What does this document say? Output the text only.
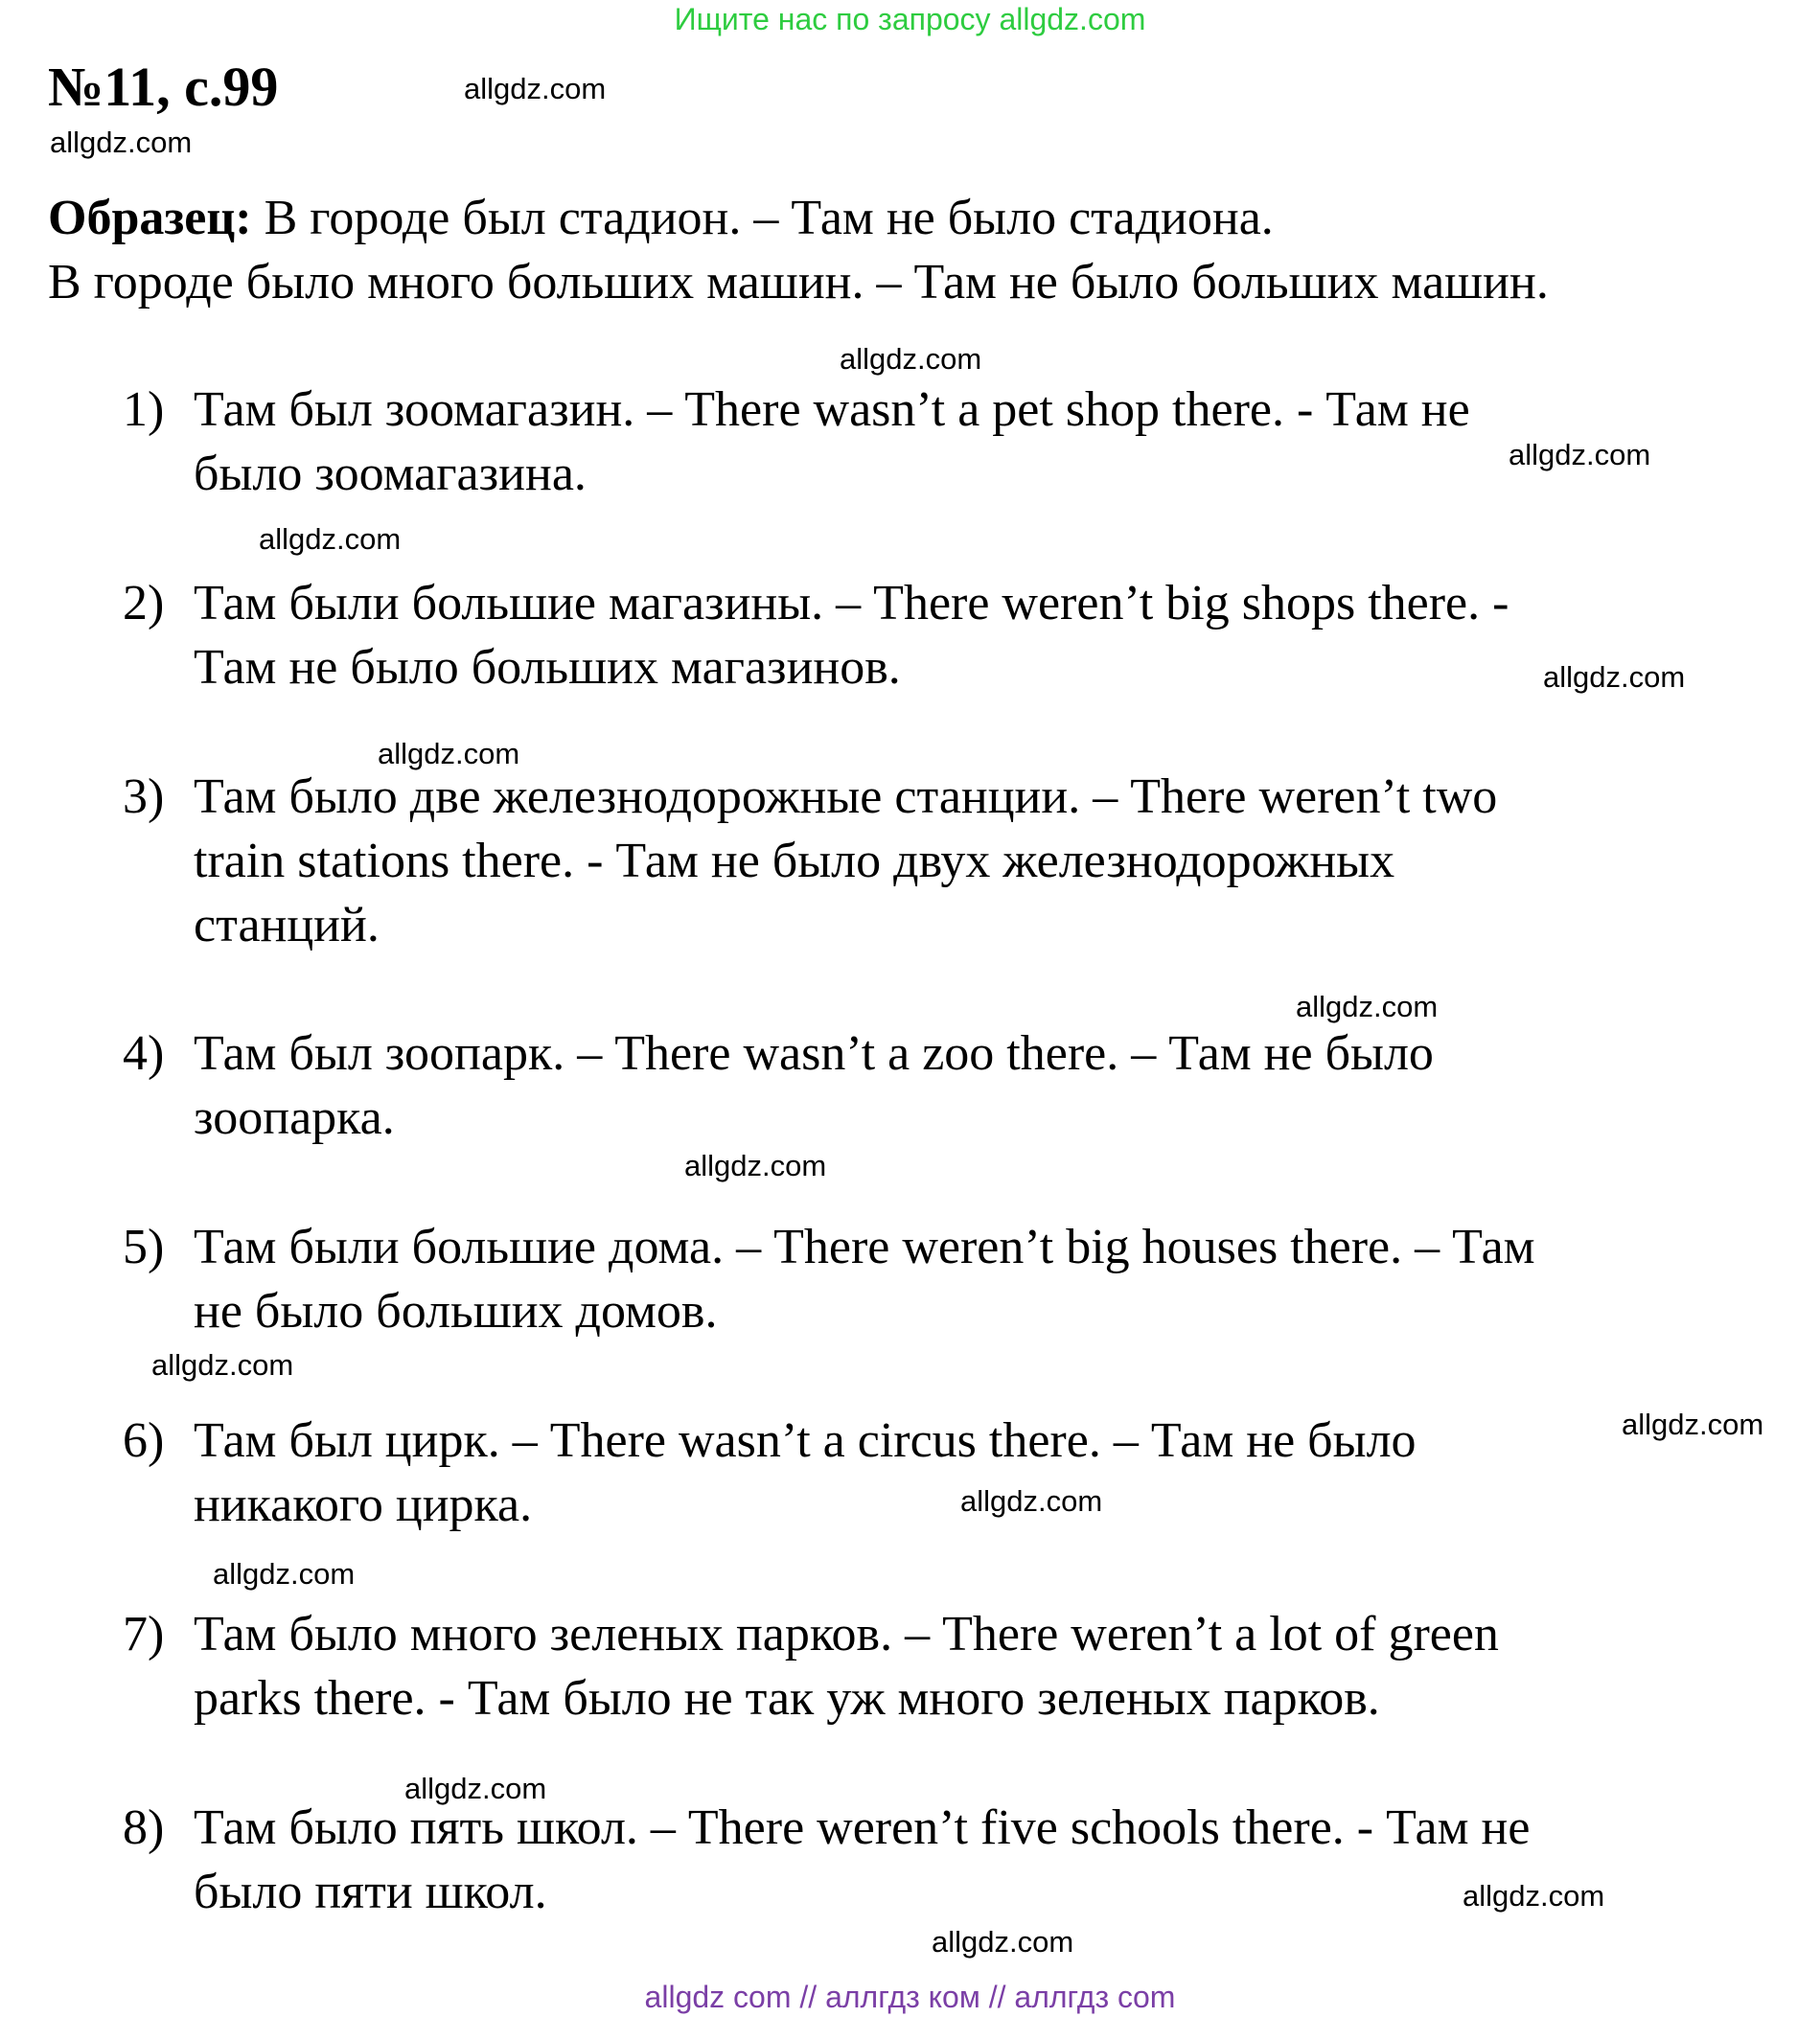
Ищите нас по запросу allgdz.com
№11, с.99	allgdz.com
allgdz.com
Образец: В городе был стадион. – Там не было стадиона.
В городе было много больших машин. – Там не было больших машин.
allgdz.com
1) Там был зоомагазин. – There wasn’t a pet shop there. - Там не
было зоомагазина.	allgdz.com
allgdz.com
2) Там были большие магазины. – There weren’t big shops there. -
Там не было больших магазинов.	allgdz.com
allgdz.com
3) Там было две железнодорожные станции. – There weren’t two
train stations there. - Там не было двух железнодорожных
станций.
allgdz.com
4) Там был зоопарк. – There wasn’t a zoo there. – Там не было
зоопарка.
allgdz.com
5) Там были большие дома. – There weren’t big houses there. – Там
не было больших домов.
allgdz.com
allgdz.com
6) Там был цирк. – There wasn’t a circus there. – Там не было
никакого цирка.	allgdz.com
allgdz.com
7) Там было много зеленых парков. – There weren’t a lot of green
parks there. - Там было не так уж много зеленых парков.
allgdz.com
8) Там было пять школ. – There weren’t five schools there. - Там не
было пяти школ.	allgdz.com
allgdz.com
allgdz com // аллгдз ком // аллгдз com
